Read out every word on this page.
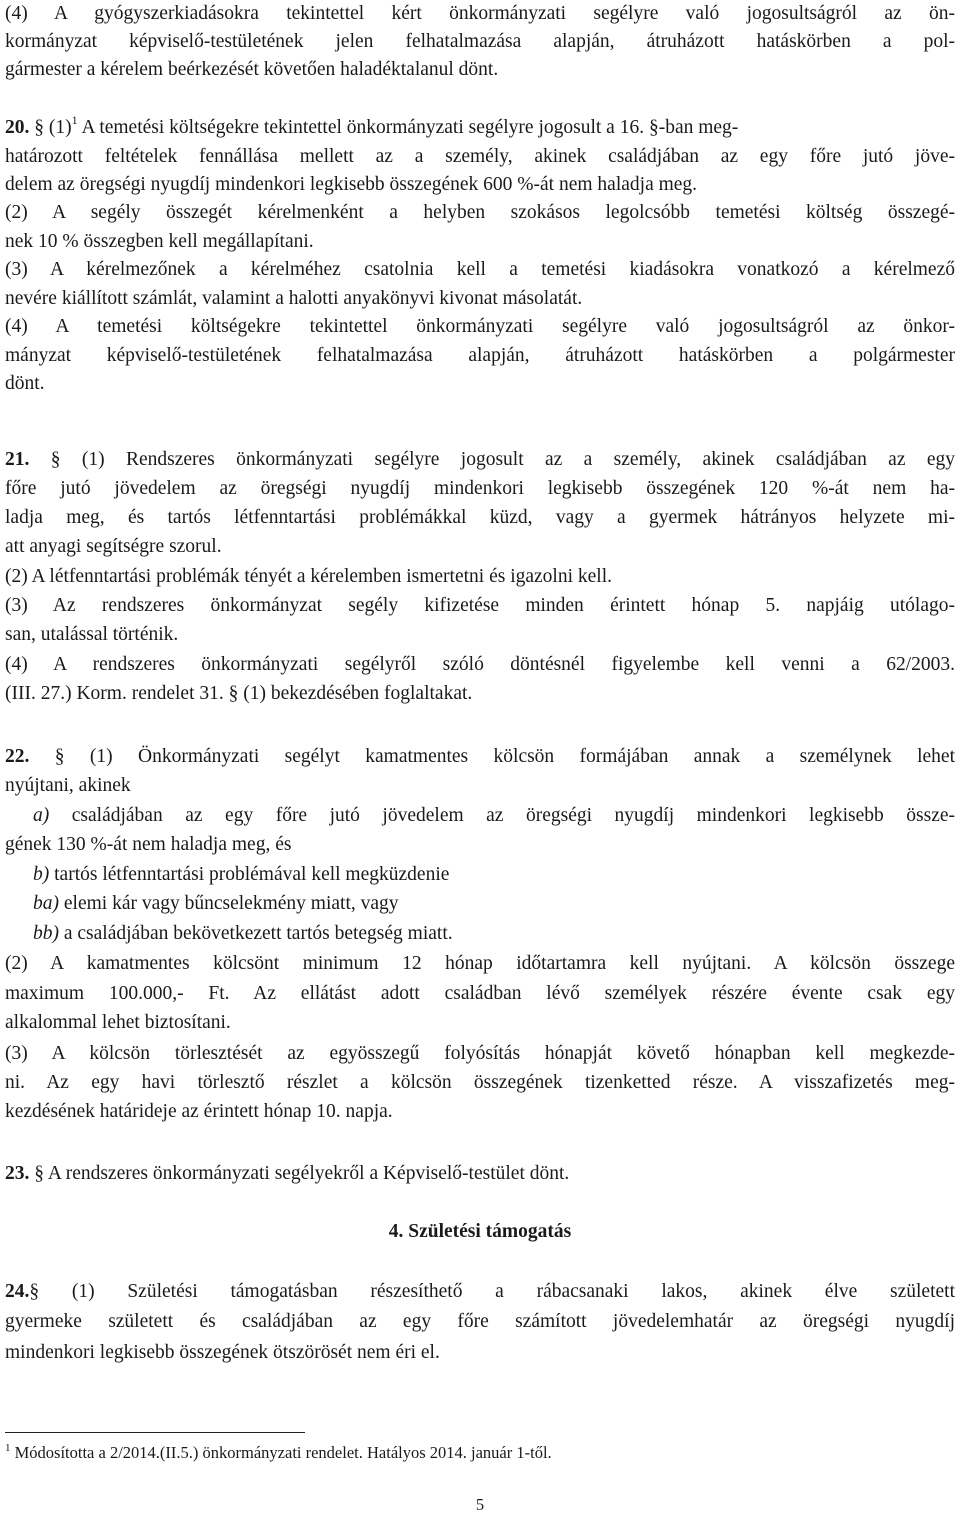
(4) A gyógyszerkiadásokra tekintettel kért önkormányzati segélyre való jogosultságról az ön-
kormányzat képviselő-testületének jelen felhatalmazása alapján, átruházott hatáskörben a pol-
gármester a kérelem beérkezését követően haladéktalanul dönt.
20. § $(1)^1$ A temetési költségekre tekintettel önkormányzati segélyre jogosult a 16. §-ban meg-
határozott feltételek fennállása mellett az a személy, akinek családjában az egy főre jutó jöve-
delem az öregségi nyugdíj mindenkori legkisebb összegének 600 %-át nem haladja meg.
(2) A segély összegét kérelmenként a helyben szokásos legolcsóbb temetési költség összegé-
nek 10 % összegben kell megállapítani.
(3) A kérelmezőnek a kérelméhez csatolnia kell a temetési kiadásokra vonatkozó a kérelmező
nevére kiállított számlát, valamint a halotti anyakönyvi kivonat másolatát.
(4) A temetési költségekre tekintettel önkormányzati segélyre való jogosultságról az önkor-
mányzat képviselő-testületének felhatalmazása alapján, átruházott hatáskörben a polgármester
dönt.
21. § (1) Rendszeres önkormányzati segélyre jogosult az a személy, akinek családjában az egy
főre jutó jövedelem az öregségi nyugdíj mindenkori legkisebb összegének 120 %-át nem ha-
ladja meg, és tartós létfenntartási problémákkal küzd, vagy a gyermek hátrányos helyzete mi-
att anyagi segítségre szorul.
(2) A létfenntartási problémák tényét a kérelemben ismertetni és igazolni kell.
(3) Az rendszeres önkormányzat segély kifizetése minden érintett hónap 5. napjáig utólago-
san, utalással történik.
(4) A rendszeres önkormányzati segélyről szóló döntésnél figyelembe kell venni a 62/2003.
(III. 27.) Korm. rendelet 31. § (1) bekezdésében foglaltakat.
22. § (1) Önkormányzati segélyt kamatmentes kölcsön formájában annak a személynek lehet
nyújtani, akinek
a) családjában az egy főre jutó jövedelem az öregségi nyugdíj mindenkori legkisebb össze-
gének 130 %-át nem haladja meg, és
b) tartós létfenntartási problémával kell megküzdenie
ba) elemi kár vagy bűncselekmény miatt, vagy
bb) a családjában bekövetkezett tartós betegség miatt.
(2) A kamatmentes kölcsönt minimum 12 hónap időtartamra kell nyújtani. A kölcsön összege
maximum 100.000,- Ft. Az ellátást adott családban lévő személyek részére évente csak egy
alkalommal lehet biztosítani.
(3) A kölcsön törlesztését az egyösszegű folyósítás hónapját követő hónapban kell megkezde-
ni. Az egy havi törlesztő részlet a kölcsön összegének tizenketted része. A visszafizetés meg-
kezdésének határideje az érintett hónap 10. napja.
23. § A rendszeres önkormányzati segélyekről a Képviselő-testület dönt.
4. Születési támogatás
24.§ (1) Születési támogatásban részesíthető a rábacsanaki lakos, akinek élve született
gyermeke született és családjában az egy főre számított jövedelemhatár az öregségi nyugdíj
mindenkori legkisebb összegének ötszörösét nem éri el.
$^1$ Módosította a 2/2014.(II.5.) önkormányzati rendelet. Hatályos 2014. január 1-től.
5
